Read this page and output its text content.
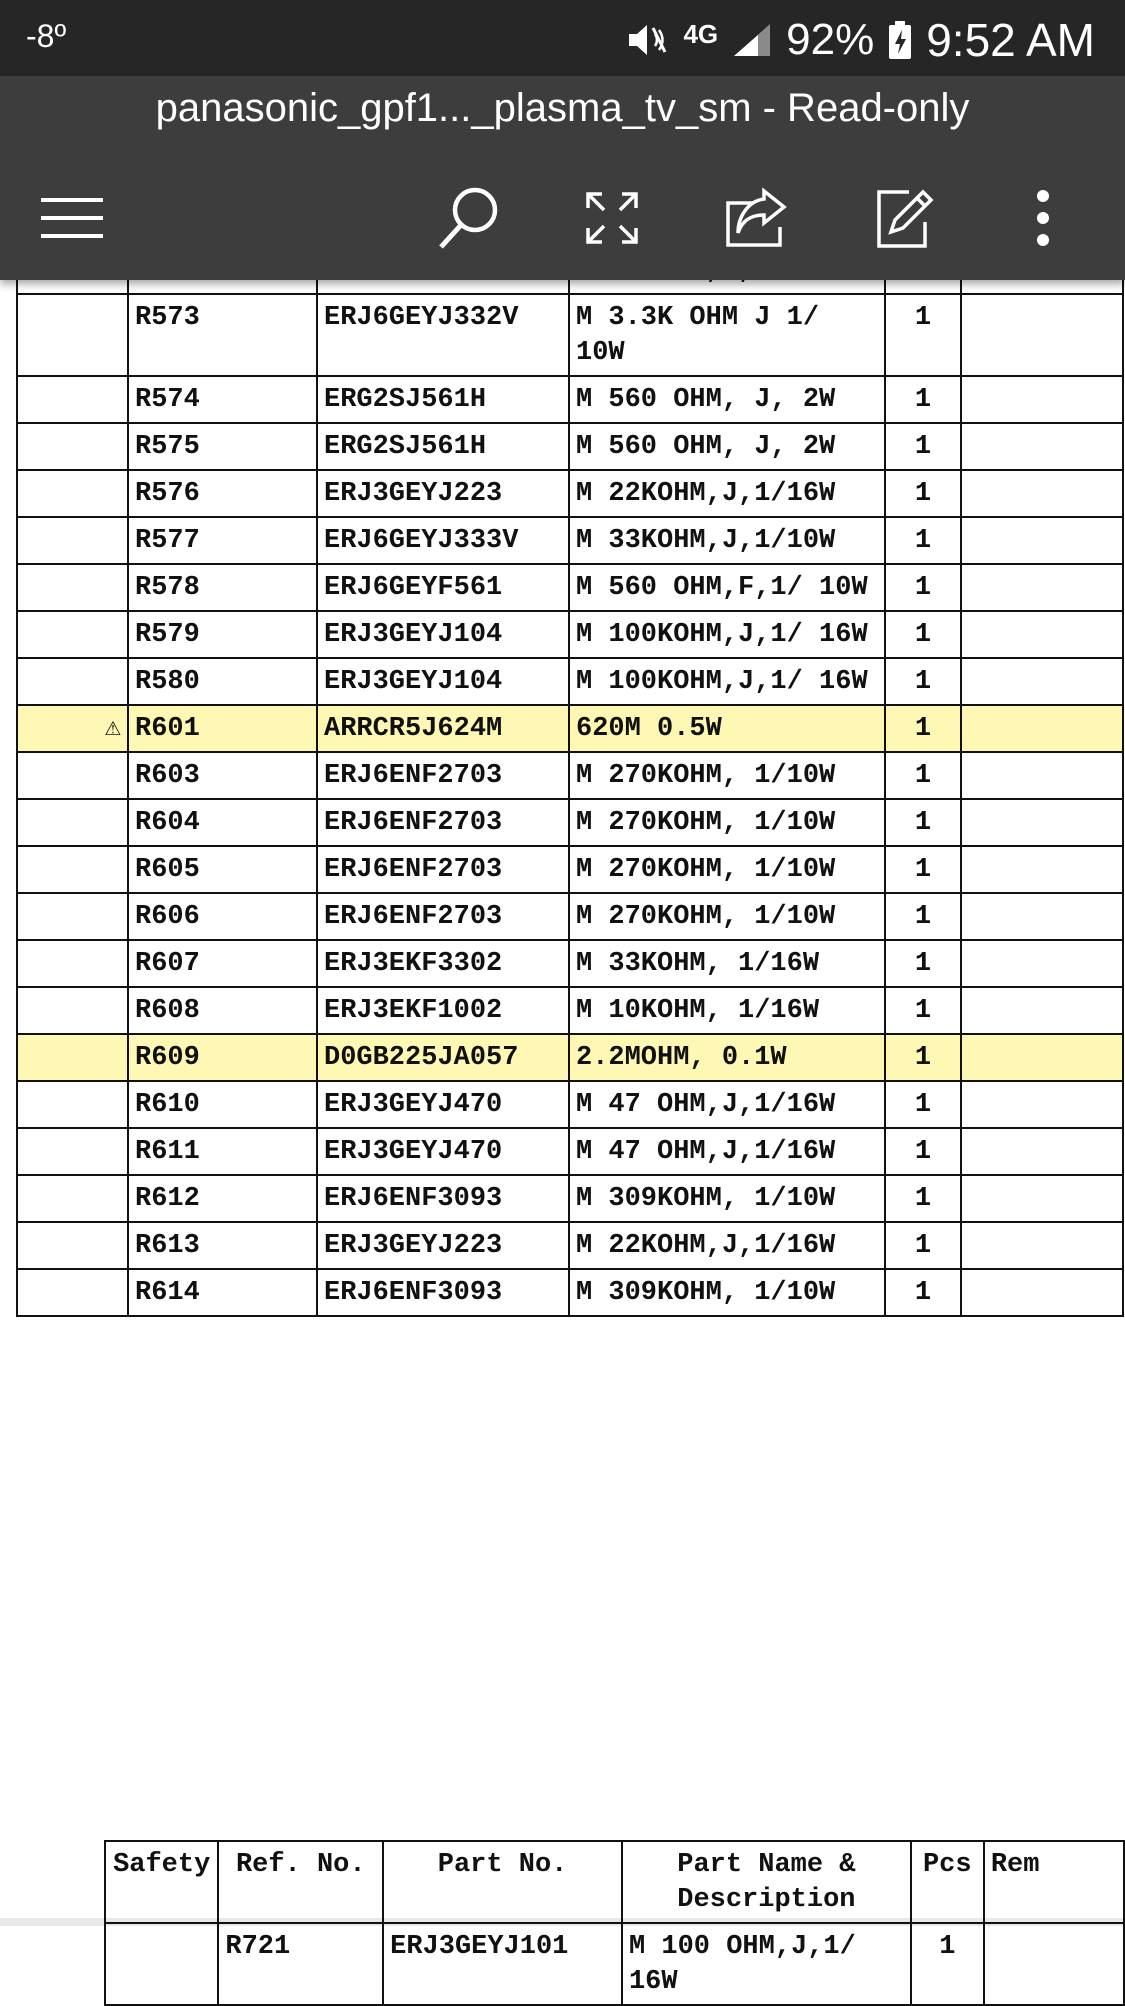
-8º	4G 92% 9:52 AM
panasonic_gpf1..._plasma_tv_sm - Read-only

	R573	ERJ6GEYJ332V	M 3.3K OHM J 1/ 10W	1	
	R574	ERG2SJ561H	M 560 OHM, J, 2W	1	
	R575	ERG2SJ561H	M 560 OHM, J, 2W	1	
	R576	ERJ3GEYJ223	M 22KOHM,J,1/16W	1	
	R577	ERJ6GEYJ333V	M 33KOHM,J,1/10W	1	
	R578	ERJ6GEYF561	M 560 OHM,F,1/ 10W	1	
	R579	ERJ3GEYJ104	M 100KOHM,J,1/ 16W	1	
	R580	ERJ3GEYJ104	M 100KOHM,J,1/ 16W	1	
⚠	R601	ARRCR5J624M	620M 0.5W	1	
	R603	ERJ6ENF2703	M 270KOHM, 1/10W	1	
	R604	ERJ6ENF2703	M 270KOHM, 1/10W	1	
	R605	ERJ6ENF2703	M 270KOHM, 1/10W	1	
	R606	ERJ6ENF2703	M 270KOHM, 1/10W	1	
	R607	ERJ3EKF3302	M 33KOHM, 1/16W	1	
	R608	ERJ3EKF1002	M 10KOHM, 1/16W	1	
	R609	D0GB225JA057	2.2MOHM, 0.1W	1	
	R610	ERJ3GEYJ470	M 47 OHM,J,1/16W	1	
	R611	ERJ3GEYJ470	M 47 OHM,J,1/16W	1	
	R612	ERJ6ENF3093	M 309KOHM, 1/10W	1	
	R613	ERJ3GEYJ223	M 22KOHM,J,1/16W	1	
	R614	ERJ6ENF3093	M 309KOHM, 1/10W	1	
Safety	Ref. No.	Part No.	Part Name & Description	Pcs	Rem
	R721	ERJ3GEYJ101	M 100 OHM,J,1/ 16W	1	
